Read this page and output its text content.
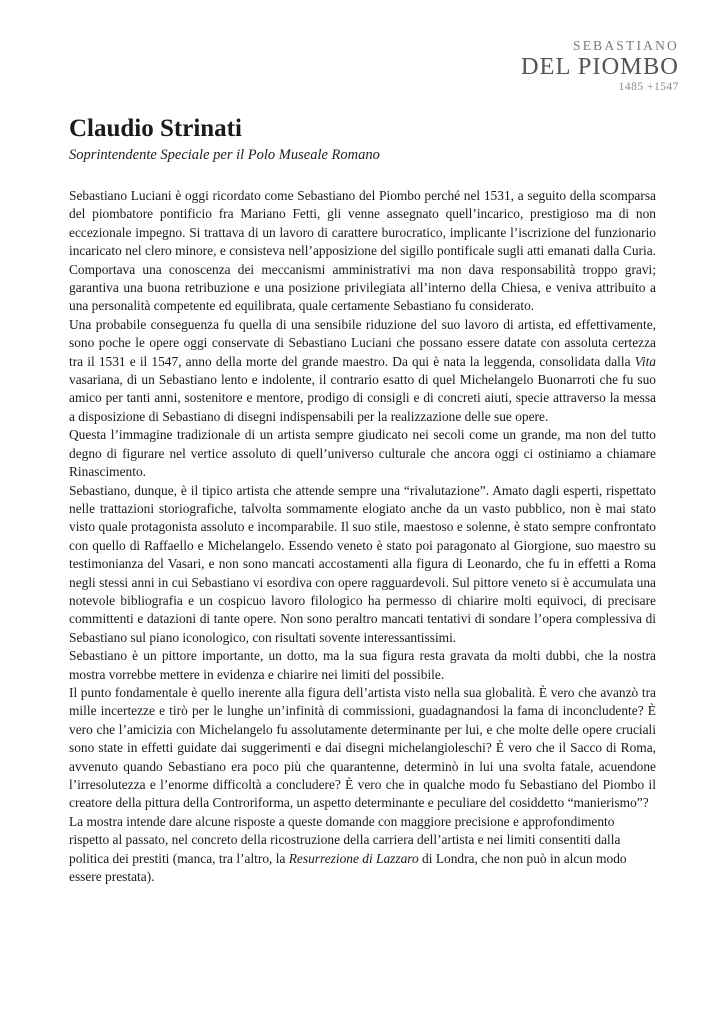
SEBASTIANO
DEL PIOMBO
1485 +1547
Claudio Strinati

Soprintendente Speciale per il Polo Museale Romano

Sebastiano Luciani è oggi ricordato come Sebastiano del Piombo perché nel 1531, a seguito della scomparsa del piombatore pontificio fra Mariano Fetti, gli venne assegnato quell’incarico, prestigioso ma di non eccezionale impegno. Si trattava di un lavoro di carattere burocratico, implicante l’iscrizione del funzionario incaricato nel clero minore, e consisteva nell’apposizione del sigillo pontificale sugli atti emanati dalla Curia. Comportava una conoscenza dei meccanismi amministrativi ma non dava responsabilità troppo gravi; garantiva una buona retribuzione e una posizione privilegiata all’interno della Chiesa, e veniva attribuito a una personalità competente ed equilibrata, quale certamente Sebastiano fu considerato.

Una probabile conseguenza fu quella di una sensibile riduzione del suo lavoro di artista, ed effettivamente, sono poche le opere oggi conservate di Sebastiano Luciani che possano essere datate con assoluta certezza tra il 1531 e il 1547, anno della morte del grande maestro. Da qui è nata la leggenda, consolidata dalla Vita vasariana, di un Sebastiano lento e indolente, il contrario esatto di quel Michelangelo Buonarroti che fu suo amico per tanti anni, sostenitore e mentore, prodigo di consigli e di concreti aiuti, specie attraverso la messa a disposizione di Sebastiano di disegni indispensabili per la realizzazione delle sue opere.

Questa l’immagine tradizionale di un artista sempre giudicato nei secoli come un grande, ma non del tutto degno di figurare nel vertice assoluto di quell’universo culturale che ancora oggi ci ostiniamo a chiamare Rinascimento.

Sebastiano, dunque, è il tipico artista che attende sempre una “rivalutazione”. Amato dagli esperti, rispettato nelle trattazioni storiografiche, talvolta sommamente elogiato anche da un vasto pubblico, non è mai stato visto quale protagonista assoluto e incomparabile. Il suo stile, maestoso e solenne, è stato sempre confrontato con quello di Raffaello e Michelangelo. Essendo veneto è stato poi paragonato al Giorgione, suo maestro su testimonianza del Vasari, e non sono mancati accostamenti alla figura di Leonardo, che fu in effetti a Roma negli stessi anni in cui Sebastiano vi esordiva con opere ragguardevoli. Sul pittore veneto si è accumulata una notevole bibliografia e un cospicuo lavoro filologico ha permesso di chiarire molti equivoci, di precisare committenti e datazioni di tante opere. Non sono peraltro mancati tentativi di sondare l’opera complessiva di Sebastiano sul piano iconologico, con risultati sovente interessantissimi.

Sebastiano è un pittore importante, un dotto, ma la sua figura resta gravata da molti dubbi, che la nostra mostra vorrebbe mettere in evidenza e chiarire nei limiti del possibile.

Il punto fondamentale è quello inerente alla figura dell’artista visto nella sua globalità. È vero che avanzò tra mille incertezze e tirò per le lunghe un’infinità di commissioni, guadagnandosi la fama di inconcludente? È vero che l’amicizia con Michelangelo fu assolutamente determinante per lui, e che molte delle opere cruciali sono state in effetti guidate dai suggerimenti e dai disegni michelangioleschi? È vero che il Sacco di Roma, avvenuto quando Sebastiano era poco più che quarantenne, determinò in lui una svolta fatale, acuendone l’irresolutezza e l’enorme difficoltà a concludere? È vero che in qualche modo fu Sebastiano del Piombo il creatore della pittura della Controriforma, un aspetto determinante e peculiare del cosiddetto “manierismo”?

La mostra intende dare alcune risposte a queste domande con maggiore precisione e approfondimento rispetto al passato, nel concreto della ricostruzione della carriera dell’artista e nei limiti consentiti dalla politica dei prestiti (manca, tra l’altro, la Resurrezione di Lazzaro di Londra, che non può in alcun modo essere prestata).
